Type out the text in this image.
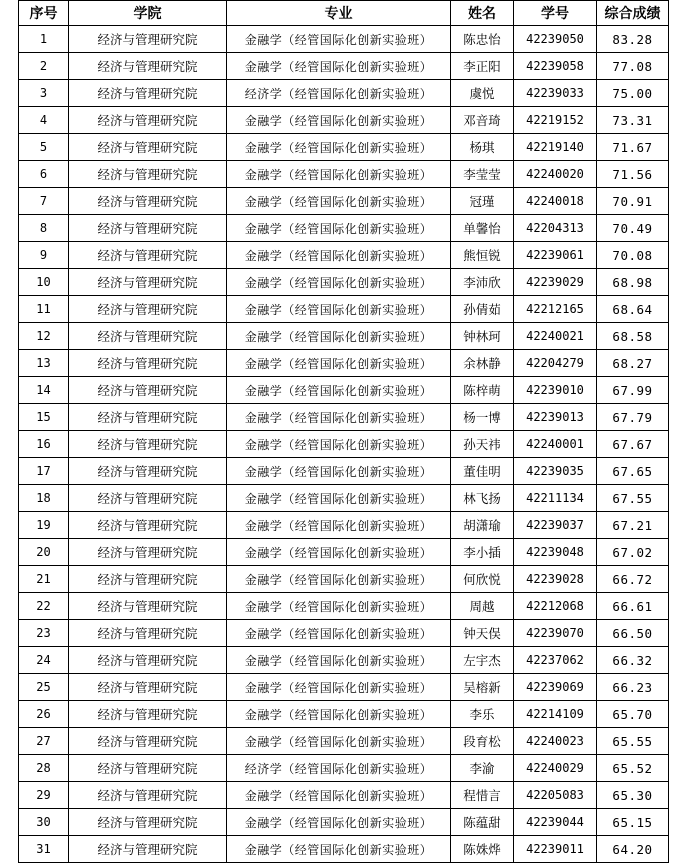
序号	学院	专业	姓名	学号	综合成绩
1	经济与管理研究院	金融学（经管国际化创新实验班）	陈忠怡	42239050	83.28
2	经济与管理研究院	金融学（经管国际化创新实验班）	李正阳	42239058	77.08
3	经济与管理研究院	经济学（经管国际化创新实验班）	虞悦	42239033	75.00
4	经济与管理研究院	金融学（经管国际化创新实验班）	邓音琦	42219152	73.31
5	经济与管理研究院	金融学（经管国际化创新实验班）	杨琪	42219140	71.67
6	经济与管理研究院	金融学（经管国际化创新实验班）	李莹莹	42240020	71.56
7	经济与管理研究院	金融学（经管国际化创新实验班）	冠瑾	42240018	70.91
8	经济与管理研究院	金融学（经管国际化创新实验班）	单馨怡	42204313	70.49
9	经济与管理研究院	金融学（经管国际化创新实验班）	熊恒锐	42239061	70.08
10	经济与管理研究院	金融学（经管国际化创新实验班）	李沛欣	42239029	68.98
11	经济与管理研究院	金融学（经管国际化创新实验班）	孙倩茹	42212165	68.64
12	经济与管理研究院	金融学（经管国际化创新实验班）	钟林珂	42240021	68.58
13	经济与管理研究院	金融学（经管国际化创新实验班）	余林静	42204279	68.27
14	经济与管理研究院	金融学（经管国际化创新实验班）	陈梓萌	42239010	67.99
15	经济与管理研究院	金融学（经管国际化创新实验班）	杨一博	42239013	67.79
16	经济与管理研究院	金融学（经管国际化创新实验班）	孙天祎	42240001	67.67
17	经济与管理研究院	金融学（经管国际化创新实验班）	董佳明	42239035	67.65
18	经济与管理研究院	金融学（经管国际化创新实验班）	林飞扬	42211134	67.55
19	经济与管理研究院	金融学（经管国际化创新实验班）	胡潇瑜	42239037	67.21
20	经济与管理研究院	金融学（经管国际化创新实验班）	李小插	42239048	67.02
21	经济与管理研究院	金融学（经管国际化创新实验班）	何欣悦	42239028	66.72
22	经济与管理研究院	金融学（经管国际化创新实验班）	周越	42212068	66.61
23	经济与管理研究院	金融学（经管国际化创新实验班）	钟天俣	42239070	66.50
24	经济与管理研究院	金融学（经管国际化创新实验班）	左宇杰	42237062	66.32
25	经济与管理研究院	金融学（经管国际化创新实验班）	吴榕新	42239069	66.23
26	经济与管理研究院	金融学（经管国际化创新实验班）	李乐	42214109	65.70
27	经济与管理研究院	金融学（经管国际化创新实验班）	段育松	42240023	65.55
28	经济与管理研究院	经济学（经管国际化创新实验班）	李渝	42240029	65.52
29	经济与管理研究院	金融学（经管国际化创新实验班）	程惜言	42205083	65.30
30	经济与管理研究院	金融学（经管国际化创新实验班）	陈蕴甜	42239044	65.15
31	经济与管理研究院	金融学（经管国际化创新实验班）	陈姝烨	42239011	64.20
